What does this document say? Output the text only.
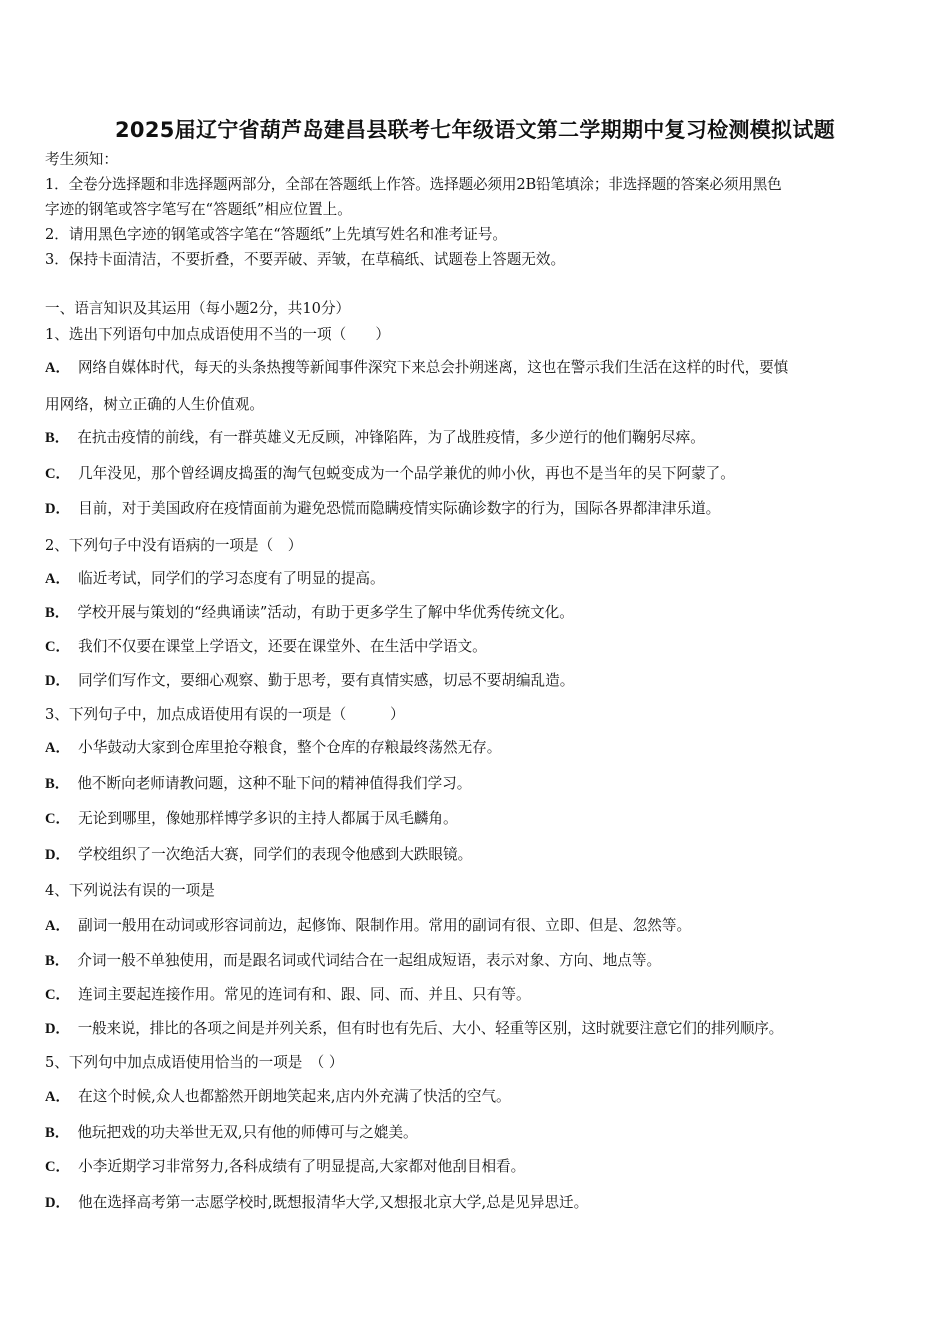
2025届辽宁省葫芦岛建昌县联考七年级语文第二学期期中复习检测模拟试题
考生须知：
1．全卷分选择题和非选择题两部分，全部在答题纸上作答。选择题必须用2B铅笔填涂；非选择题的答案必须用黑色
字迹的钢笔或答字笔写在“答题纸”相应位置上。
2．请用黑色字迹的钢笔或答字笔在“答题纸”上先填写姓名和准考证号。
3．保持卡面清洁，不要折叠，不要弄破、弄皱，在草稿纸、试题卷上答题无效。
一、语言知识及其运用（每小题2分，共10分）
1、选出下列语句中加点成语使用不当的一项（　　）
A． 网络自媒体时代，每天的头条热搜等新闻事件深究下来总会扑朔迷离，这也在警示我们生活在这样的时代，要慎
用网络，树立正确的人生价值观。
B． 在抗击疫情的前线，有一群英雄义无反顾，冲锋陷阵，为了战胜疫情，多少逆行的他们鞠躬尽瘁。
C． 几年没见，那个曾经调皮捣蛋的淘气包蜕变成为一个品学兼优的帅小伙，再也不是当年的吴下阿蒙了。
D． 目前，对于美国政府在疫情面前为避免恐慌而隐瞒疫情实际确诊数字的行为，国际各界都津津乐道。
2、下列句子中没有语病的一项是（　）
A． 临近考试，同学们的学习态度有了明显的提高。
B． 学校开展与策划的“经典诵读”活动，有助于更多学生了解中华优秀传统文化。
C． 我们不仅要在课堂上学语文，还要在课堂外、在生活中学语文。
D． 同学们写作文，要细心观察、勤于思考，要有真情实感，切忌不要胡编乱造。
3、下列句子中，加点成语使用有误的一项是（　　　）
A． 小华鼓动大家到仓库里抢夺粮食，整个仓库的存粮最终荡然无存。
B． 他不断向老师请教问题，这种不耻下问的精神值得我们学习。
C． 无论到哪里，像她那样博学多识的主持人都属于凤毛麟角。
D． 学校组织了一次绝活大赛，同学们的表现令他感到大跌眼镜。
4、下列说法有误的一项是
A． 副词一般用在动词或形容词前边，起修饰、限制作用。常用的副词有很、立即、但是、忽然等。
B． 介词一般不单独使用，而是跟名词或代词结合在一起组成短语，表示对象、方向、地点等。
C． 连词主要起连接作用。常见的连词有和、跟、同、而、并且、只有等。
D． 一般来说，排比的各项之间是并列关系，但有时也有先后、大小、轻重等区别，这时就要注意它们的排列顺序。
5、下列句中加点成语使用恰当的一项是　（ ）
A． 在这个时候,众人也都豁然开朗地笑起来,店内外充满了快活的空气。
B． 他玩把戏的功夫举世无双,只有他的师傅可与之媲美。
C． 小李近期学习非常努力,各科成绩有了明显提高,大家都对他刮目相看。
D． 他在选择高考第一志愿学校时,既想报清华大学,又想报北京大学,总是见异思迁。
